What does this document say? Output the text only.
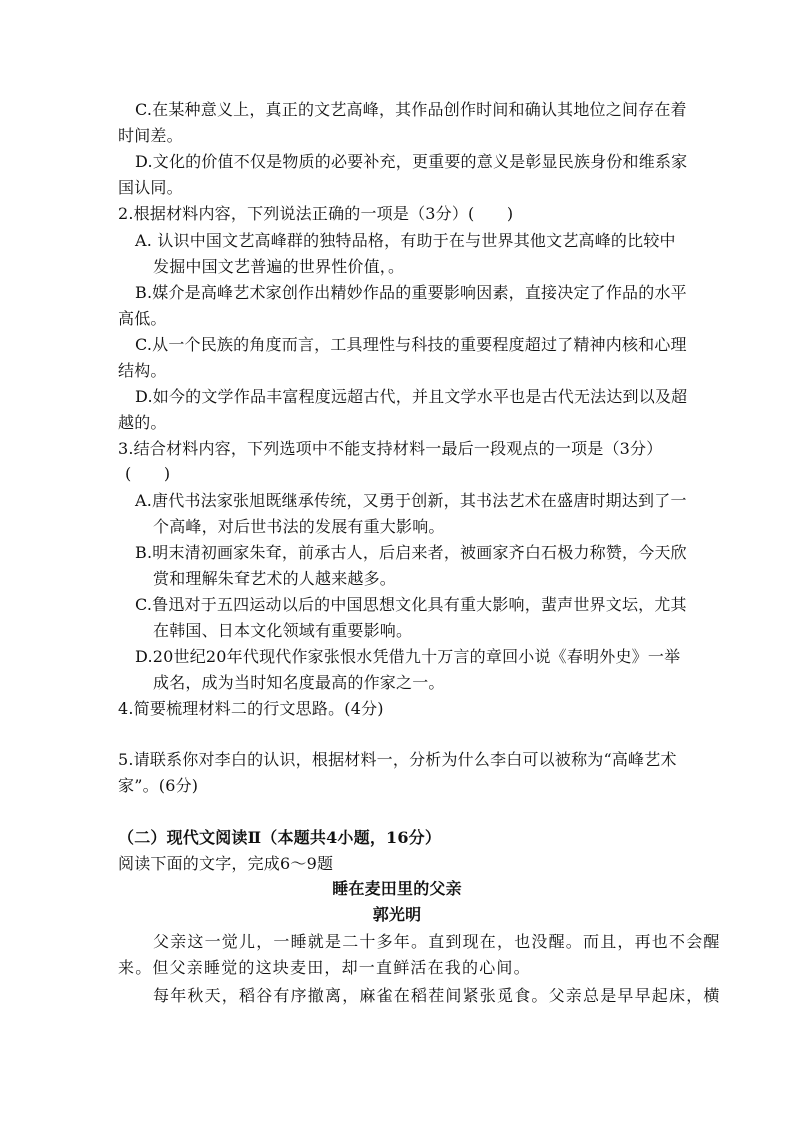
C.在某种意义上，真正的文艺高峰，其作品创作时间和确认其地位之间存在着
时间差。
D.文化的价值不仅是物质的必要补充，更重要的意义是彰显民族身份和维系家
国认同。
2.根据材料内容，下列说法正确的一项是（3分）(　　)
A. 认识中国文艺高峰群的独特品格，有助于在与世界其他文艺高峰的比较中
发掘中国文艺普遍的世界性价值，。
B.媒介是高峰艺术家创作出精妙作品的重要影响因素，直接决定了作品的水平
高低。
C.从一个民族的角度而言，工具理性与科技的重要程度超过了精神内核和心理
结构。
D.如今的文学作品丰富程度远超古代，并且文学水平也是古代无法达到以及超
越的。
3.结合材料内容，下列选项中不能支持材料一最后一段观点的一项是（3分）
(　　)
A.唐代书法家张旭既继承传统，又勇于创新，其书法艺术在盛唐时期达到了一
个高峰，对后世书法的发展有重大影响。
B.明末清初画家朱耷，前承古人，后启来者，被画家齐白石极力称赞，今天欣
赏和理解朱耷艺术的人越来越多。
C.鲁迅对于五四运动以后的中国思想文化具有重大影响，蜚声世界文坛，尤其
在韩国、日本文化领域有重要影响。
D.20世纪20年代现代作家张恨水凭借九十万言的章回小说《春明外史》一举
成名，成为当时知名度最高的作家之一。
4.简要梳理材料二的行文思路。(4分)
5.请联系你对李白的认识，根据材料一，分析为什么李白可以被称为“高峰艺术
家”。(6分)
（二）现代文阅读Ⅱ（本题共4小题，16分）
阅读下面的文字，完成6～9题
睡在麦田里的父亲
郭光明
父亲这一觉儿，一睡就是二十多年。直到现在，也没醒。而且，再也不会醒
来。但父亲睡觉的这块麦田，却一直鲜活在我的心间。
每年秋天，稻谷有序撤离，麻雀在稻茬间紧张觅食。父亲总是早早起床，横
